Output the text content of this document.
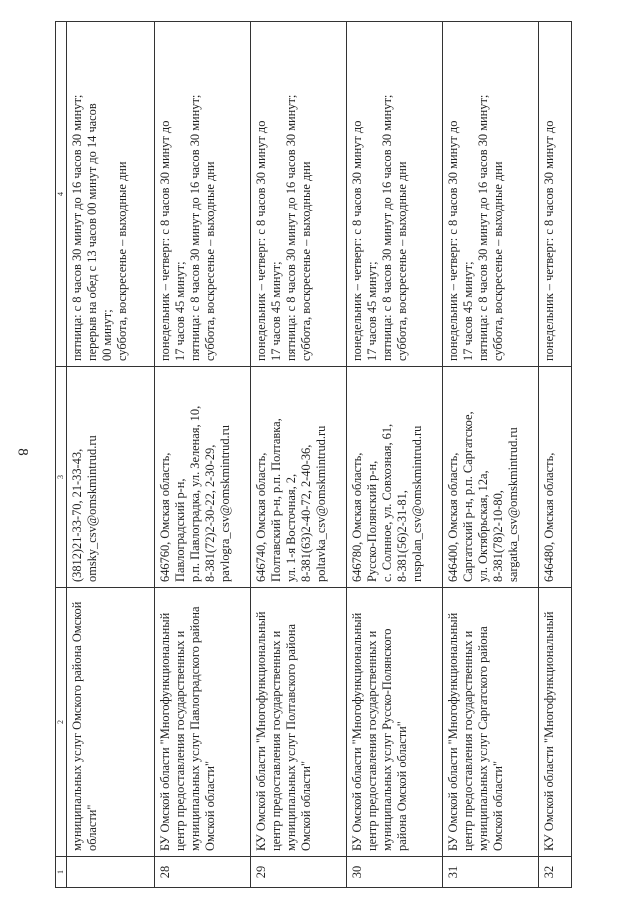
8
1	2	3	4

	муниципальных услуг Омского района Омской области"	(3812)21-33-70, 21-33-43, omsky_csv@omskmintrud.ru	пятница: с 8 часов 30 минут до 16 часов 30 минут; перерыв на обед с 13 часов 00 минут до 14 часов 00 минут; суббота, воскресенье – выходные дни

28	БУ Омской области "Многофункциональный центр предоставления государственных и муниципальных услуг Павлоградского района Омской области"	646760, Омская область, Павлоградский р-н, р.п. Павлоградка, ул. Зеленая, 10, 8-381(72)2-30-22, 2-30-29, pavlogra_csv@omskmintrud.ru	понедельник – четверг: с 8 часов 30 минут до 17 часов 45 минут; пятница: с 8 часов 30 минут до 16 часов 30 минут; суббота, воскресенье – выходные дни

29	КУ Омской области "Многофункциональный центр предоставления государственных и муниципальных услуг Полтавского района Омской области"	646740, Омская область, Полтавский р-н, р.п. Полтавка, ул. 1-я Восточная, 2, 8-381(63)2-40-72, 2-40-36, poltavka_csv@omskmintrud.ru	понедельник – четверг: с 8 часов 30 минут до 17 часов 45 минут; пятница: с 8 часов 30 минут до 16 часов 30 минут; суббота, воскресенье – выходные дни

30	БУ Омской области "Многофункциональный центр предоставления государственных и муниципальных услуг Русско-Полянского района Омской области"	646780, Омская область, Русско-Полянский р-н, с. Солнное, ул. Совхозная, 61, 8-381(56)2-31-81, ruspolan_csv@omskmintrud.ru	понедельник – четверг: с 8 часов 30 минут до 17 часов 45 минут; пятница: с 8 часов 30 минут до 16 часов 30 минут; суббота, воскресенье – выходные дни

31	БУ Омской области "Многофункциональный центр предоставления государственных и муниципальных услуг Саргатского района Омской области"	646400, Омская область, Саргатский р-н, р.п. Саргатское, ул. Октябрьская, 12а, 8-381(78)2-10-80, sargatka_csv@omskmintrud.ru	понедельник – четверг: с 8 часов 30 минут до 17 часов 45 минут; пятница: с 8 часов 30 минут до 16 часов 30 минут; суббота, воскресенье – выходные дни

32	КУ Омской области "Многофункциональный	646480, Омская область,	понедельник – четверг: с 8 часов 30 минут до
